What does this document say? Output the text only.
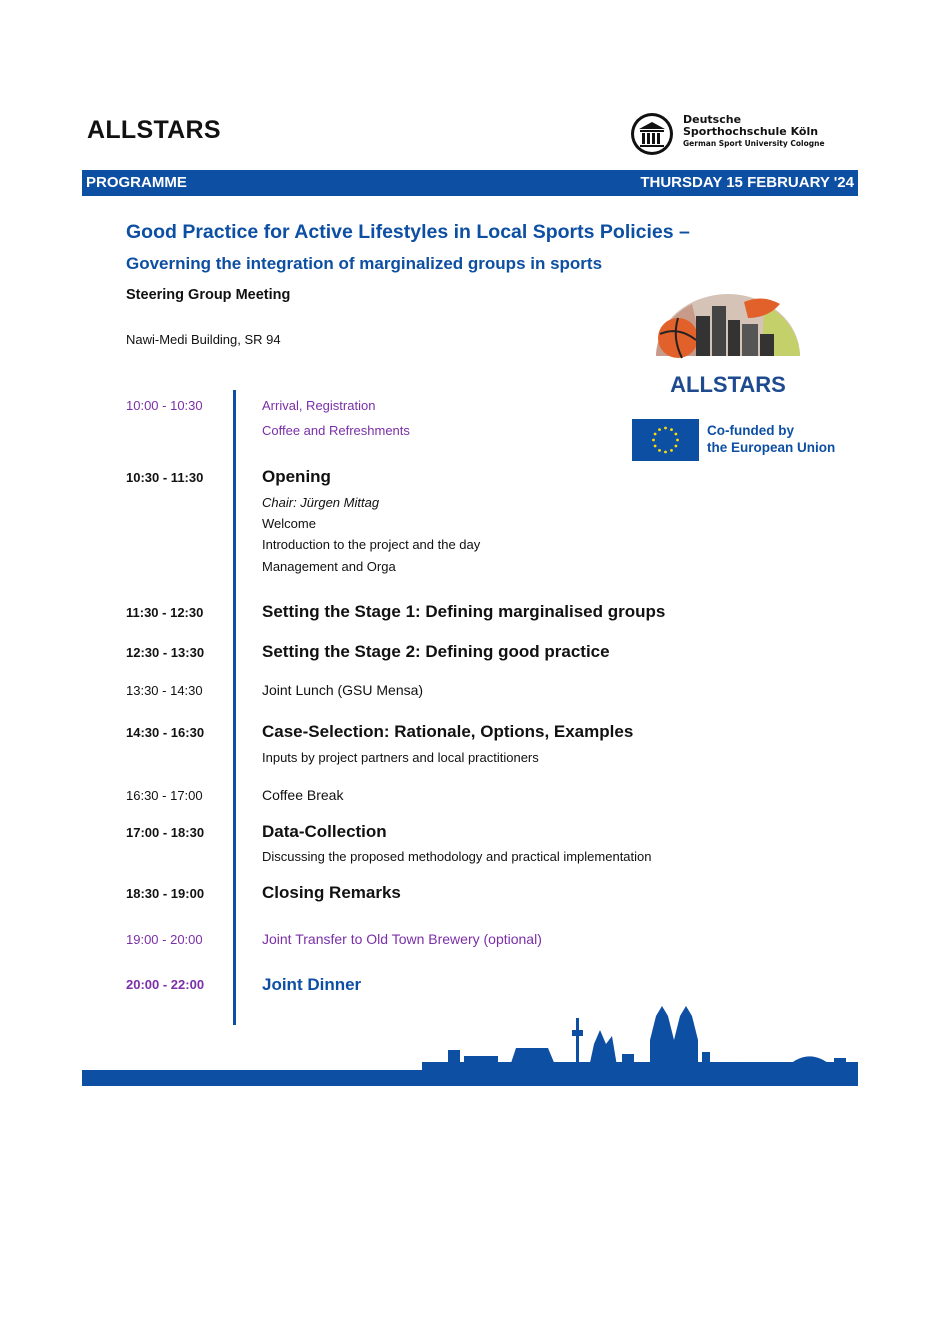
ALLSTARS	Deutsche
Sporthochschule Köln
German Sport University Cologne
PROGRAMME	THURSDAY 15 FEBRUARY '24
Good Practice for Active Lifestyles in Local Sports Policies –
Governing the integration of marginalized groups in sports
Steering Group Meeting
Nawi-Medi Building, SR 94
ALLSTARS
Co-funded by
the European Union
10:00 - 10:30	Arrival, Registration
Coffee and Refreshments
10:30 - 11:30	Opening
Chair: Jürgen Mittag
Welcome
Introduction to the project and the day
Management and Orga
11:30 - 12:30	Setting the Stage 1: Defining marginalised groups
12:30 - 13:30	Setting the Stage 2: Defining good practice
13:30 - 14:30	Joint Lunch (GSU Mensa)
14:30 - 16:30	Case-Selection: Rationale, Options, Examples
Inputs by project partners and local practitioners
16:30 - 17:00	Coffee Break
17:00 - 18:30	Data-Collection
Discussing the proposed methodology and practical implementation
18:30 - 19:00	Closing Remarks
19:00 - 20:00	Joint Transfer to Old Town Brewery (optional)
20:00 - 22:00	Joint Dinner
